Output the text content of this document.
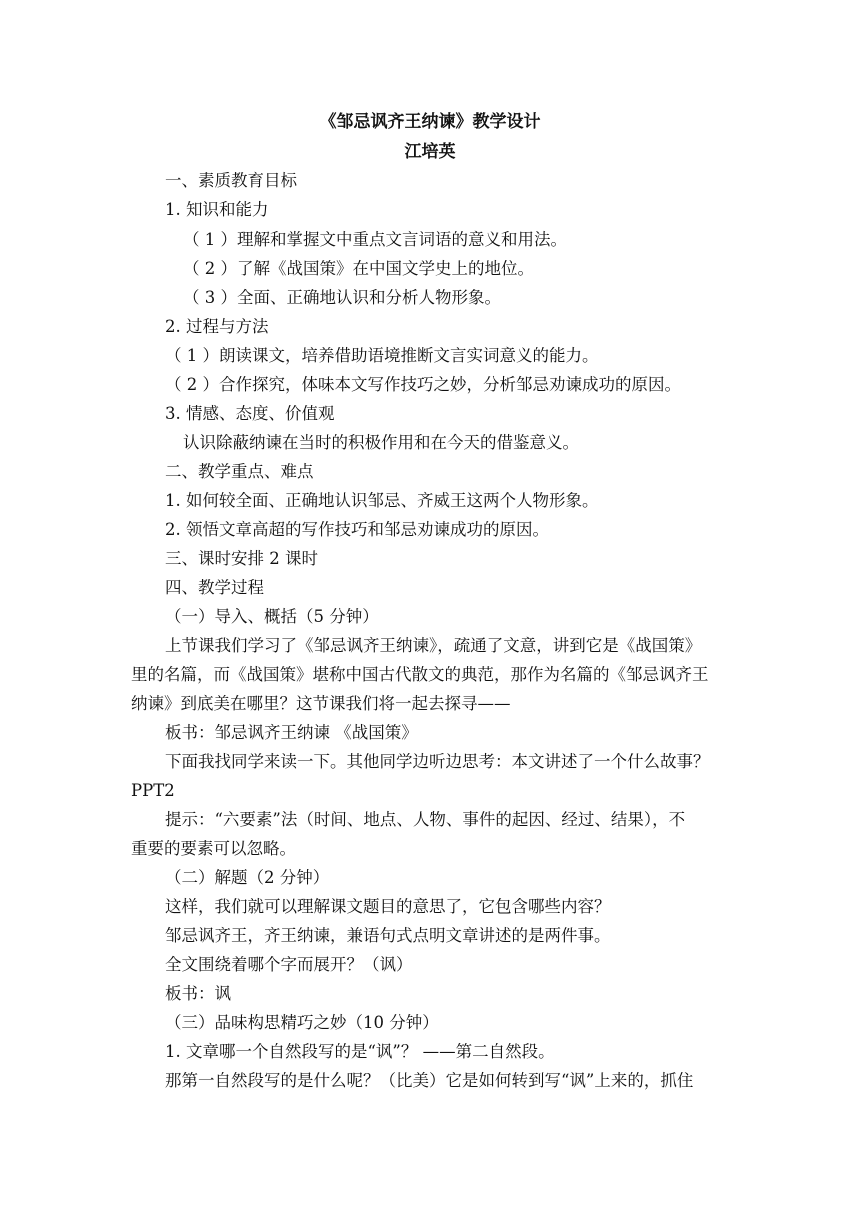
《邹忌讽齐王纳谏》教学设计
江培英
一、素质教育目标
1. 知识和能力
（ 1 ）理解和掌握文中重点文言词语的意义和用法。
（ 2 ）了解《战国策》在中国文学史上的地位。
（ 3 ）全面、正确地认识和分析人物形象。
2. 过程与方法
（ 1 ）朗读课文，培养借助语境推断文言实词意义的能力。
（ 2 ）合作探究，体味本文写作技巧之妙，分析邹忌劝谏成功的原因。
3. 情感、态度、价值观
认识除蔽纳谏在当时的积极作用和在今天的借鉴意义。
二、教学重点、难点
1. 如何较全面、正确地认识邹忌、齐威王这两个人物形象。
2. 领悟文章高超的写作技巧和邹忌劝谏成功的原因。
三、课时安排 2 课时
四、教学过程
（一）导入、概括（5 分钟）
上节课我们学习了《邹忌讽齐王纳谏》，疏通了文意，讲到它是《战国策》
里的名篇，而《战国策》堪称中国古代散文的典范，那作为名篇的《邹忌讽齐王
纳谏》到底美在哪里？这节课我们将一起去探寻——
板书：邹忌讽齐王纳谏 《战国策》
下面我找同学来读一下。其他同学边听边思考：本文讲述了一个什么故事？
PPT2
提示：“六要素”法（时间、地点、人物、事件的起因、经过、结果），不
重要的要素可以忽略。
（二）解题（2 分钟）
这样，我们就可以理解课文题目的意思了，它包含哪些内容？
邹忌讽齐王，齐王纳谏，兼语句式点明文章讲述的是两件事。
全文围绕着哪个字而展开？（讽）
板书：讽
（三）品味构思精巧之妙（10 分钟）
1. 文章哪一个自然段写的是“讽”？ ——第二自然段。
那第一自然段写的是什么呢？（比美）它是如何转到写“讽”上来的，抓住
